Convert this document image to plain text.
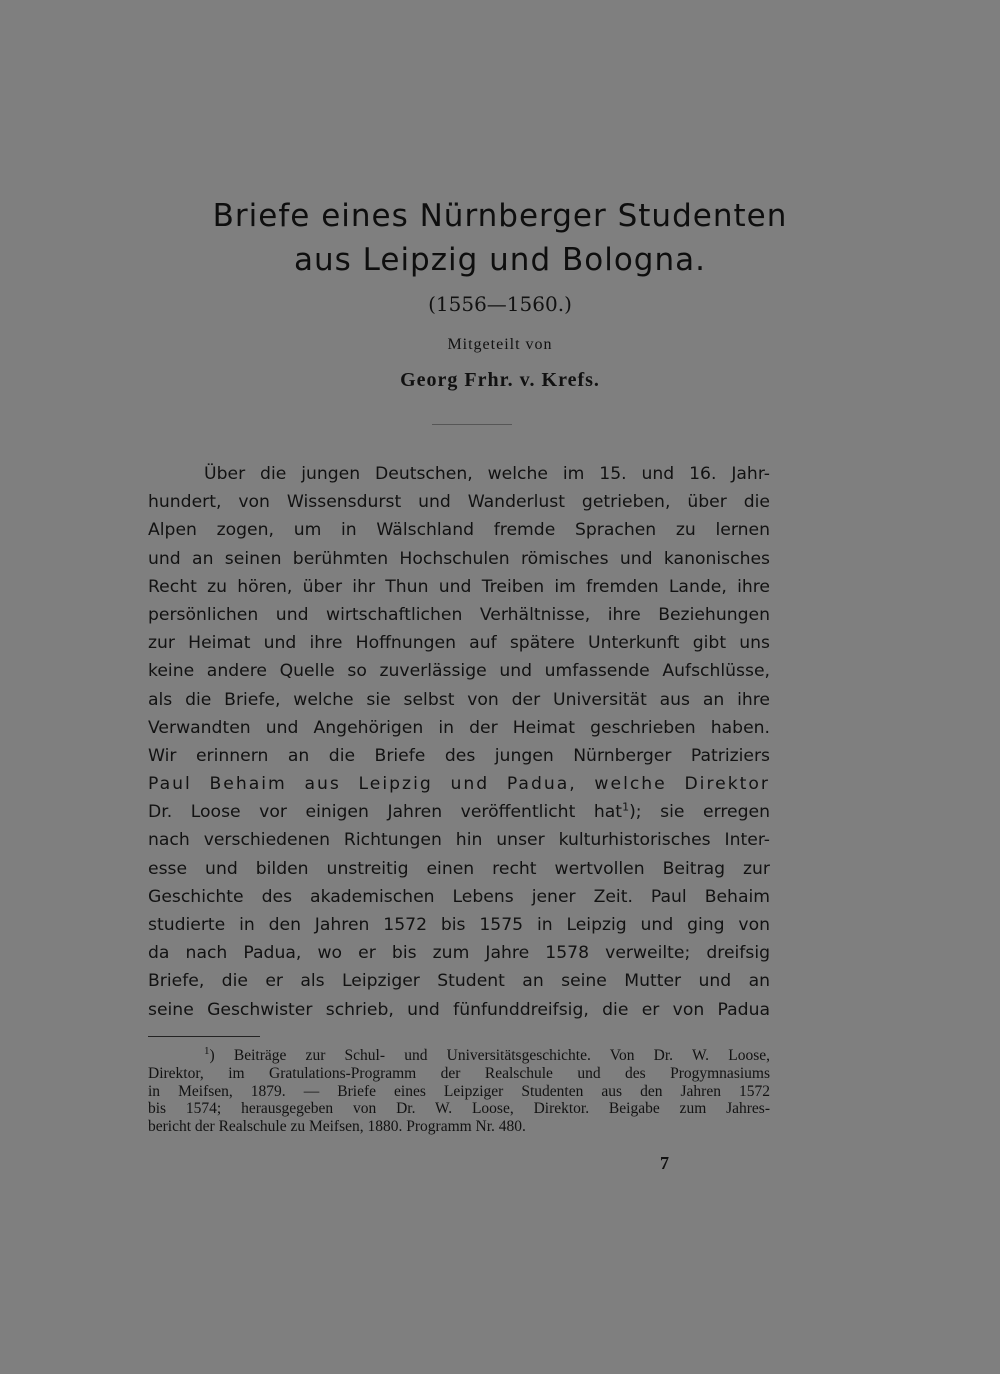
Briefe eines Nürnberger Studenten
aus Leipzig und Bologna.
(1556—1560.)
Mitgeteilt von
Georg Frhr. v. Krefs.
Über die jungen Deutschen, welche im 15. und 16. Jahr-
hundert, von Wissensdurst und Wanderlust getrieben, über die
Alpen zogen, um in Wälschland fremde Sprachen zu lernen
und an seinen berühmten Hochschulen römisches und kanonisches
Recht zu hören, über ihr Thun und Treiben im fremden Lande, ihre
persönlichen und wirtschaftlichen Verhältnisse, ihre Beziehungen
zur Heimat und ihre Hoffnungen auf spätere Unterkunft gibt uns
keine andere Quelle so zuverlässige und umfassende Aufschlüsse,
als die Briefe, welche sie selbst von der Universität aus an ihre
Verwandten und Angehörigen in der Heimat geschrieben haben.
Wir erinnern an die Briefe des jungen Nürnberger Patriziers
Paul Behaim aus Leipzig und Padua, welche Direktor
Dr. Loose vor einigen Jahren veröffentlicht hat$^1$); sie erregen
nach verschiedenen Richtungen hin unser kulturhistorisches Inter-
esse und bilden unstreitig einen recht wertvollen Beitrag zur
Geschichte des akademischen Lebens jener Zeit. Paul Behaim
studierte in den Jahren 1572 bis 1575 in Leipzig und ging von
da nach Padua, wo er bis zum Jahre 1578 verweilte; dreifsig
Briefe, die er als Leipziger Student an seine Mutter und an
seine Geschwister schrieb, und fünfunddreifsig, die er von Padua
$^1$) Beiträge zur Schul- und Universitätsgeschichte. Von Dr. W. Loose,
Direktor, im Gratulations-Programm der Realschule und des Progymnasiums
in Meifsen, 1879. — Briefe eines Leipziger Studenten aus den Jahren 1572
bis 1574; herausgegeben von Dr. W. Loose, Direktor. Beigabe zum Jahres-
bericht der Realschule zu Meifsen, 1880. Programm Nr. 480.
7
